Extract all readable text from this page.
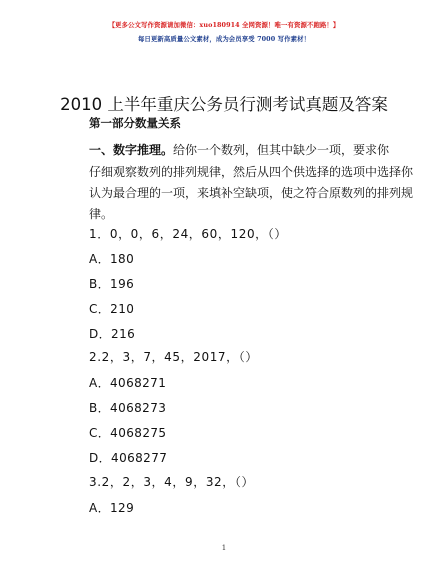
【更多公文写作资源请加微信：xuo180914 全网资源！唯一有资源不跑路！】
每日更新高质量公文素材，成为会员享受 7000 写作素材！
2010 上半年重庆公务员行测考试真题及答案
第一部分数量关系
一、数字推理。给你一个数列，但其中缺少一项，要求你
仔细观察数列的排列规律，然后从四个供选择的选项中选择你
认为最合理的一项，来填补空缺项，使之符合原数列的排列规
律。
1．0，0，6，24，60，120，（）
A．180
B．196
C．210
D．216
2.2，3，7，45，2017，（）
A．4068271
B．4068273
C．4068275
D．4068277
3.2，2，3，4，9，32，（）
A．129
1
